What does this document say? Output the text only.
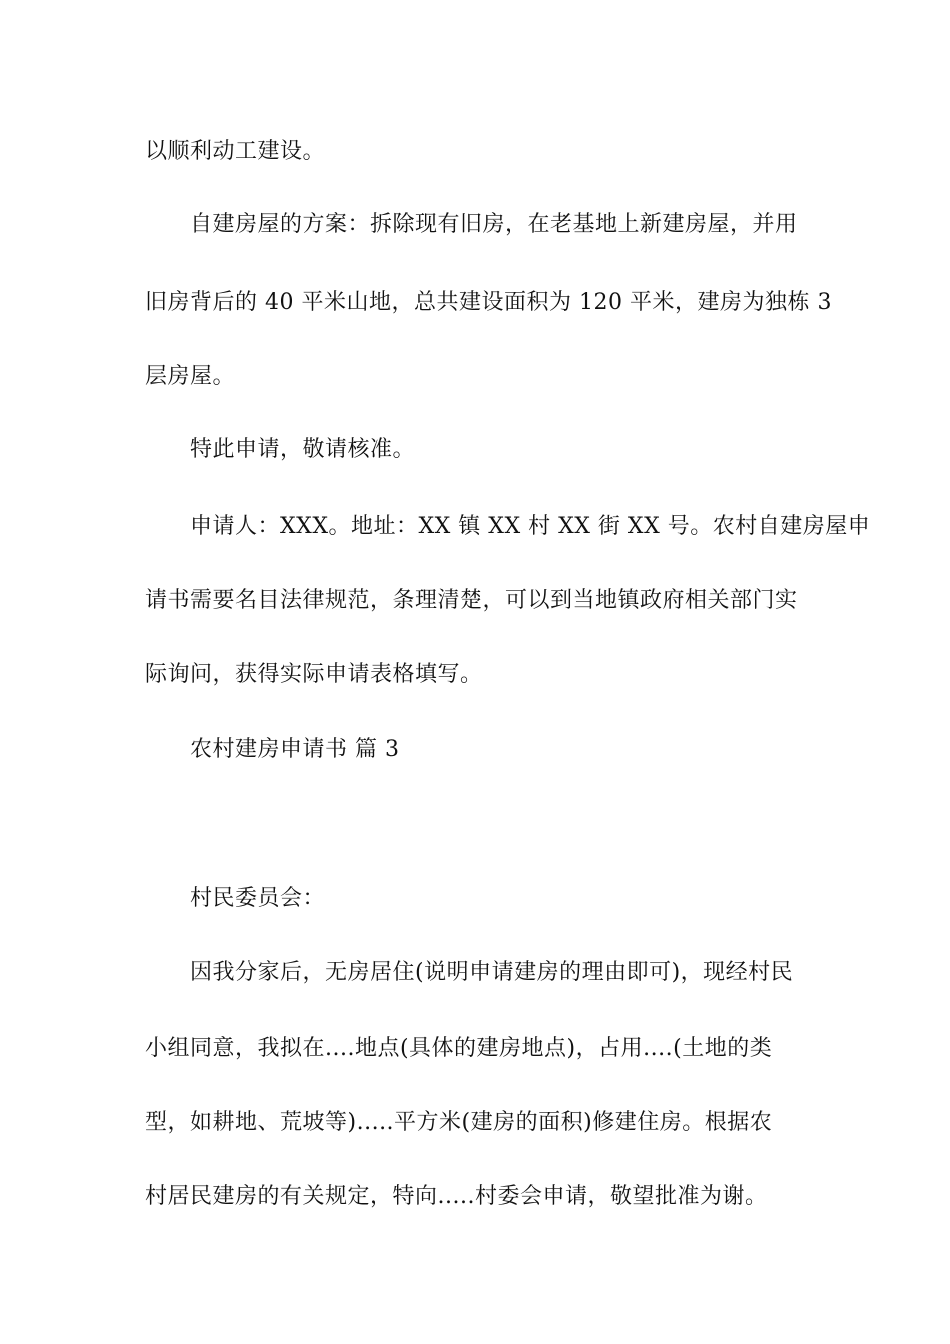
以顺利动工建设。
自建房屋的方案：拆除现有旧房，在老基地上新建房屋，并用
旧房背后的 40 平米山地，总共建设面积为 120 平米，建房为独栋 3
层房屋。
特此申请，敬请核准。
申请人：XXX。地址：XX 镇 XX 村 XX 街 XX 号。农村自建房屋申
请书需要名目法律规范，条理清楚，可以到当地镇政府相关部门实
际询问，获得实际申请表格填写。
农村建房申请书 篇 3
村民委员会：
因我分家后，无房居住(说明申请建房的理由即可)，现经村民
小组同意，我拟在....地点(具体的建房地点)，占用....(土地的类
型，如耕地、荒坡等).....平方米(建房的面积)修建住房。根据农
村居民建房的有关规定，特向.....村委会申请，敬望批准为谢。
